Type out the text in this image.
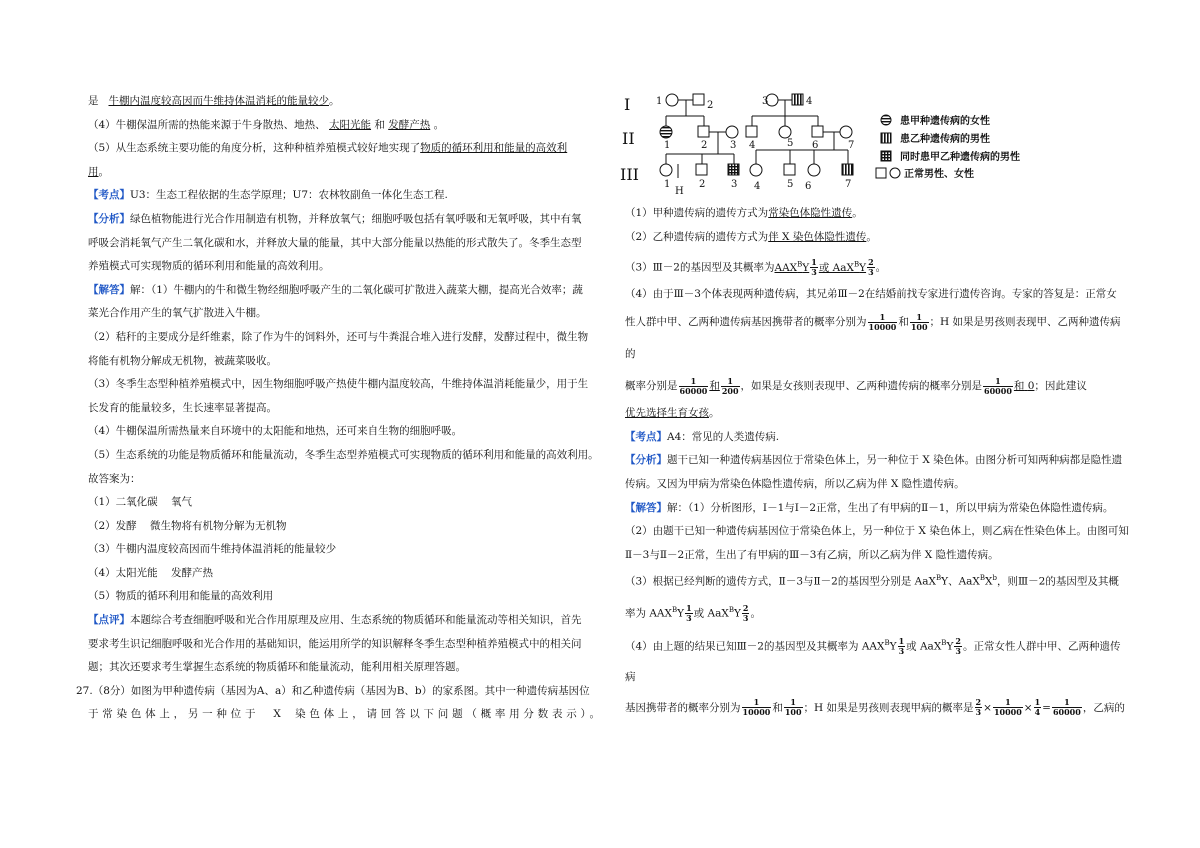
是 牛棚内温度较高因而牛维持体温消耗的能量较少。

（4）牛棚保温所需的热能来源于牛身散热、地热、 太阳光能 和 发酵产热 。

（5）从生态系统主要功能的角度分析，这种种植养殖模式较好地实现了物质的循环利用和能量的高效利
用。

【考点】U3：生态工程依据的生态学原理；U7：农林牧副鱼一体化生态工程.

【分析】绿色植物能进行光合作用制造有机物，并释放氧气；细胞呼吸包括有氧呼吸和无氧呼吸，其中有氧
呼吸会消耗氧气产生二氧化碳和水，并释放大量的能量，其中大部分能量以热能的形式散失了。冬季生态型
养殖模式可实现物质的循环利用和能量的高效利用。

【解答】解：（1）牛棚内的牛和微生物经细胞呼吸产生的二氧化碳可扩散进入蔬菜大棚，提高光合效率；蔬
菜光合作用产生的氧气扩散进入牛棚。

（2）秸秆的主要成分是纤维素，除了作为牛的饲料外，还可与牛粪混合堆入进行发酵，发酵过程中，微生物
将能有机物分解成无机物，被蔬菜吸收。

（3）冬季生态型种植养殖模式中，因生物细胞呼吸产热使牛棚内温度较高，牛维持体温消耗能量少，用于生
长发育的能量较多，生长速率显著提高。

（4）牛棚保温所需热量来自环境中的太阳能和地热，还可来自生物的细胞呼吸。

（5）生态系统的功能是物质循环和能量流动，冬季生态型养殖模式可实现物质的循环利用和能量的高效利用。
故答案为：

（1）二氧化碳    氧气

（2）发酵    微生物将有机物分解为无机物

（3）牛棚内温度较高因而牛维持体温消耗的能量较少

（4）太阳光能    发酵产热

（5）物质的循环利用和能量的高效利用

【点评】本题综合考查细胞呼吸和光合作用原理及应用、生态系统的物质循环和能量流动等相关知识，首先
要求考生识记细胞呼吸和光合作用的基础知识，能运用所学的知识解释冬季生态型种植养殖模式中的相关问
题；其次还要求考生掌握生态系统的物质循环和能量流动，能利用相关原理答题。

27.（8分）如图为甲种遗传病（基因为A、a）和乙种遗传病（基因为B、b）的家系图。其中一种遗传病基因位

于常染色体上，另一种位于  X  染色体上，请回答以下问题（概率用分数表示）。

I
II
III
1	2	3	4
1	2 3 4	5 6	7
1	2	3 4	5 6	7
H
患甲种遗传病的女性
患乙种遗传病的男性
同时患甲乙种遗传病的男性
正常男性、女性

（1）甲种遗传病的遗传方式为常染色体隐性遗传。

（2）乙种遗传病的遗传方式为伴 X 染色体隐性遗传。

（3）Ⅲ－2的基因型及其概率为$AAX^BY \frac{1}{3}$ 或 $AaX^BY \frac{2}{3}$ 。

（4）由于Ⅲ－3个体表现两种遗传病，其兄弟Ⅲ－2在结婚前找专家进行遗传咨询。专家的答复是：正常女

性人群中甲、乙两种遗传病基因携带者的概率分别为 $\frac{1}{10000}$ 和 $\frac{1}{100}$ ；H 如果是男孩则表现甲、乙两种遗传病的

概率分别是 $\frac{1}{60000}$ 和 $\frac{1}{200}$ ，如果是女孩则表现甲、乙两种遗传病的概率分别是 $\frac{1}{60000}$ 和 0；因此建议

优先选择生育女孩。

【考点】A4：常见的人类遗传病.

【分析】题干已知一种遗传病基因位于常染色体上，另一种位于 X 染色体。由图分析可知两种病都是隐性遗
传病。又因为甲病为常染色体隐性遗传病，所以乙病为伴 X 隐性遗传病。

【解答】解：（1）分析图形，Ⅰ－1与Ⅰ－2正常，生出了有甲病的Ⅱ－1，所以甲病为常染色体隐性遗传病。

（2）由题干已知一种遗传病基因位于常染色体上，另一种位于 X 染色体上，则乙病在性染色体上。由图可知
Ⅱ－3与Ⅱ－2正常，生出了有甲病的Ⅲ－3有乙病，所以乙病为伴 X 隐性遗传病。

（3）根据已经判断的遗传方式，Ⅱ－3与Ⅱ－2的基因型分别是 AaX$^B$Y、$AaX^BX^b$，则Ⅲ－2的基因型及其概

率为 $AAX^BY \frac{1}{3}$ 或 $AaX^BY \frac{2}{3}$ 。

（4）由上题的结果已知Ⅲ－2的基因型及其概率为 $AAX^BY \frac{1}{3}$ 或 $AaX^BY \frac{2}{3}$ 。正常女性人群中甲、乙两种遗传病

基因携带者的概率分别为 $\frac{1}{10000}$ 和 $\frac{1}{100}$ ；H 如果是男孩则表现甲病的概率是 $\frac{2}{3} \times \frac{1}{10000} \times \frac{1}{4} = \frac{1}{60000}$ ，乙病的
